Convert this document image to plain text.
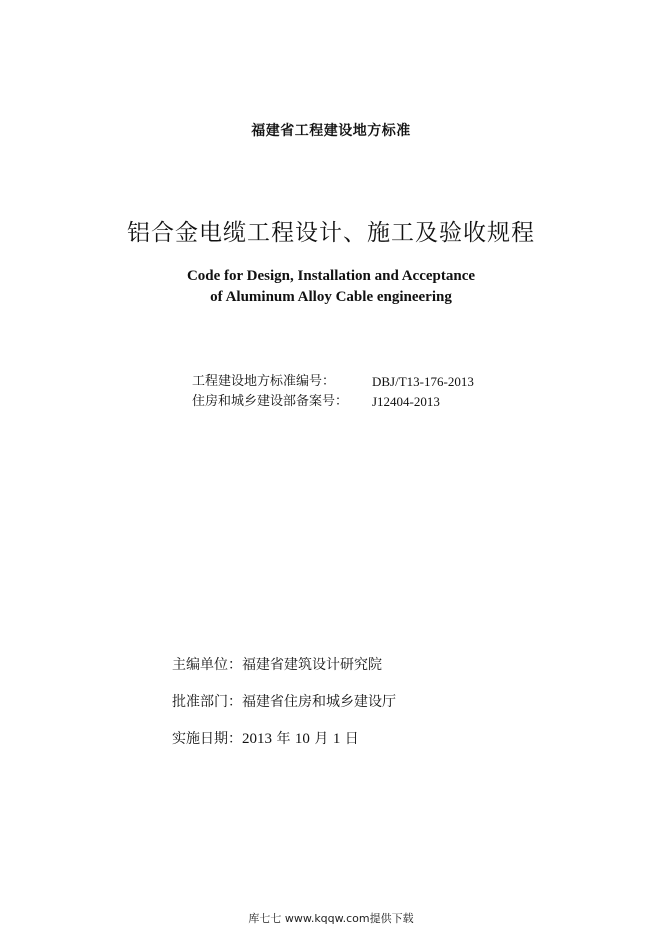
福建省工程建设地方标准
铝合金电缆工程设计、施工及验收规程
Code for Design, Installation and Acceptance
of Aluminum Alloy Cable engineering
工程建设地方标准编号：	DBJ/T13-176-2013
住房和城乡建设部备案号：	J12404-2013
主编单位：福建省建筑设计研究院
批准部门：福建省住房和城乡建设厅
实施日期：2013 年 10 月 1 日
库七七 www.kqqw.com提供下载
